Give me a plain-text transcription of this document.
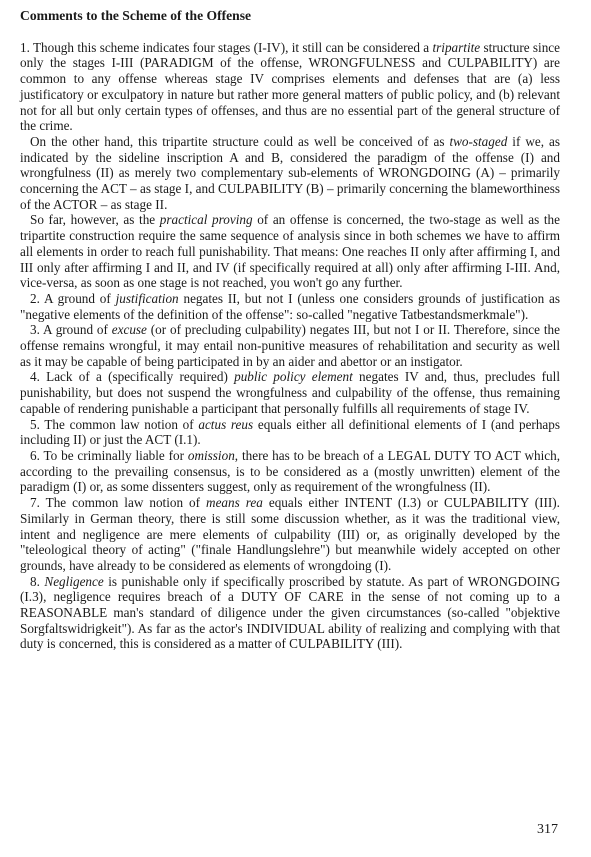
Comments to the Scheme of the Offense

1. Though this scheme indicates four stages (I-IV), it still can be considered a tripartite structure since only the stages I-III (PARADIGM of the offense, WRONGFULNESS and CULPABILITY) are common to any offense whereas stage IV comprises elements and defenses that are (a) less justificatory or exculpatory in nature but rather more general matters of public policy, and (b) relevant not for all but only certain types of offenses, and thus are no essential part of the general structure of the crime.

On the other hand, this tripartite structure could as well be conceived of as two-staged if we, as indicated by the sideline inscription A and B, considered the paradigm of the offense (I) and wrongfulness (II) as merely two complementary sub-elements of WRONGDOING (A) – primarily concerning the ACT – as stage I, and CULPABILITY (B) – primarily concerning the blameworthiness of the ACTOR – as stage II.

So far, however, as the practical proving of an offense is concerned, the two-stage as well as the tripartite construction require the same sequence of analysis since in both schemes we have to affirm all elements in order to reach full punishability. That means: One reaches II only after affirming I, and III only after affirming I and II, and IV (if specifically required at all) only after affirming I-III. And, vice-versa, as soon as one stage is not reached, you won't go any further.

2. A ground of justification negates II, but not I (unless one considers grounds of justification as "negative elements of the definition of the offense": so-called "negative Tatbestandsmerkmale").

3. A ground of excuse (or of precluding culpability) negates III, but not I or II. Therefore, since the offense remains wrongful, it may entail non-punitive measures of rehabilitation and security as well as it may be capable of being participated in by an aider and abettor or an instigator.

4. Lack of a (specifically required) public policy element negates IV and, thus, precludes full punishability, but does not suspend the wrongfulness and culpability of the offense, thus remaining capable of rendering punishable a participant that personally fulfills all requirements of stage IV.

5. The common law notion of actus reus equals either all definitional elements of I (and perhaps including II) or just the ACT (I.1).

6. To be criminally liable for omission, there has to be breach of a LEGAL DUTY TO ACT which, according to the prevailing consensus, is to be considered as a (mostly unwritten) element of the paradigm (I) or, as some dissenters suggest, only as requirement of the wrongfulness (II).

7. The common law notion of means rea equals either INTENT (I.3) or CULPABILITY (III). Similarly in German theory, there is still some discussion whether, as it was the traditional view, intent and negligence are mere elements of culpability (III) or, as originally developed by the "teleological theory of acting" ("finale Handlungslehre") but meanwhile widely accepted on other grounds, have already to be considered as elements of wrongdoing (I).

8. Negligence is punishable only if specifically proscribed by statute. As part of WRONGDOING (I.3), negligence requires breach of a DUTY OF CARE in the sense of not coming up to a REASONABLE man's standard of diligence under the given circumstances (so-called "objektive Sorgfaltswidrigkeit"). As far as the actor's INDIVIDUAL ability of realizing and complying with that duty is concerned, this is considered as a matter of CULPABILITY (III).

317
